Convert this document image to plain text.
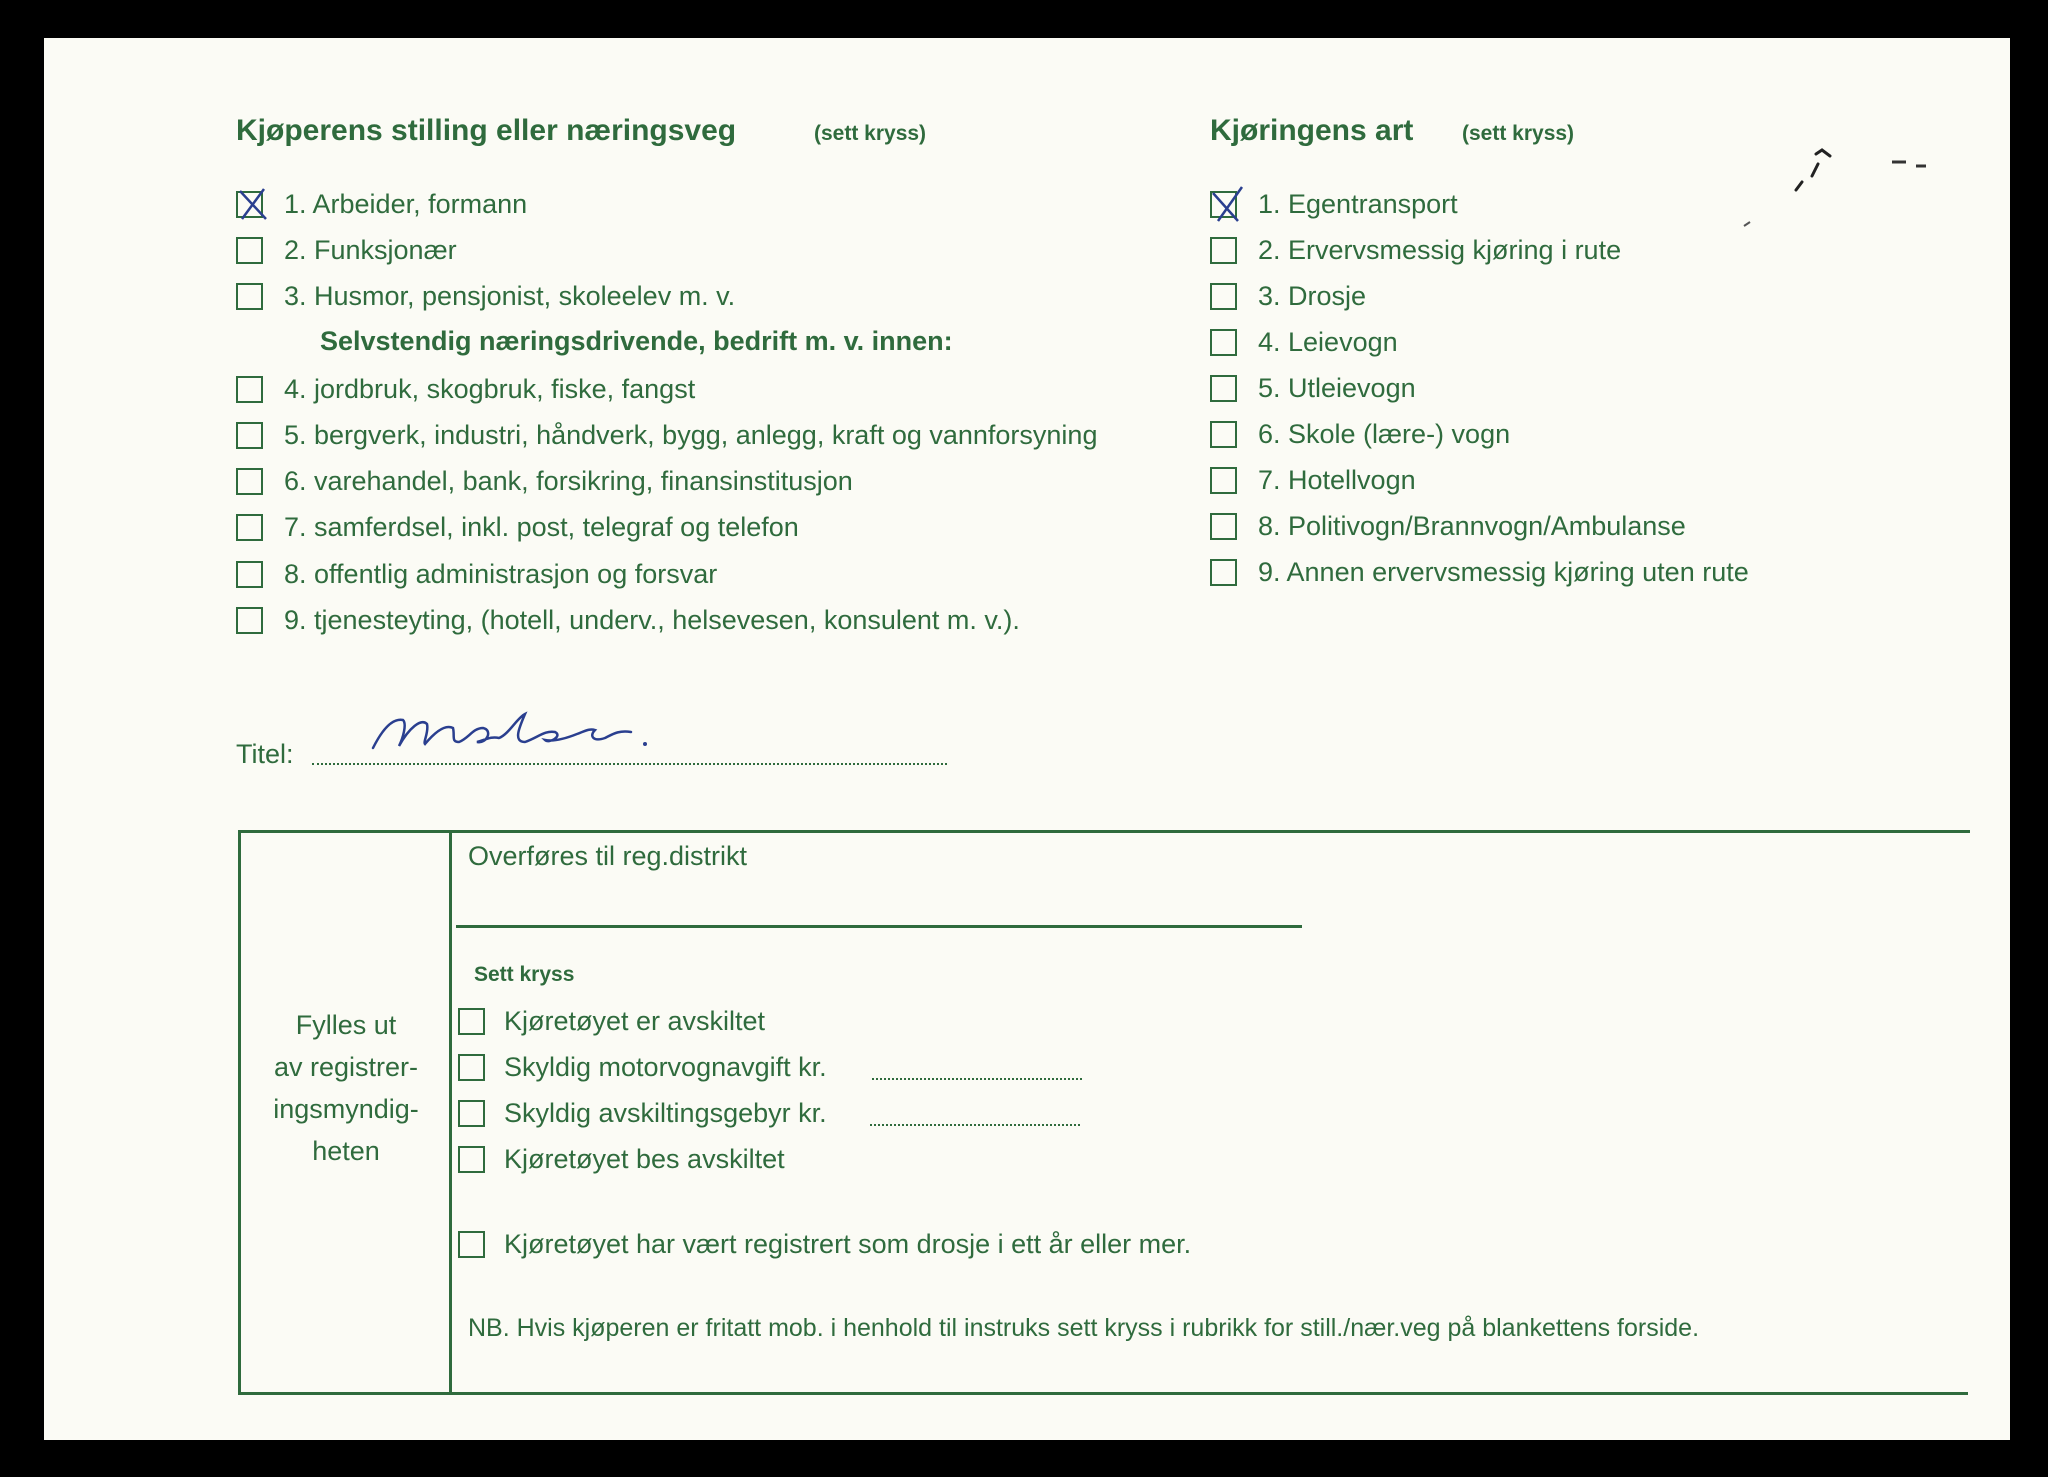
Kjøperens stilling eller næringsveg	(sett kryss)	Kjøringens art (sett kryss)
1. Arbeider, formann
2. Funksjonær
3. Husmor, pensjonist, skoleelev m. v.
Selvstendig næringsdrivende, bedrift m. v. innen:
4. jordbruk, skogbruk, fiske, fangst
5. bergverk, industri, håndverk, bygg, anlegg, kraft og vannforsyning
6. varehandel, bank, forsikring, finansinstitusjon
7. samferdsel, inkl. post, telegraf og telefon
8. offentlig administrasjon og forsvar
9. tjenesteyting, (hotell, underv., helsevesen, konsulent m. v.).
1. Egentransport
2. Ervervsmessig kjøring i rute
3. Drosje
4. Leievogn
5. Utleievogn
6. Skole (lære-) vogn
7. Hotellvogn
8. Politivogn/Brannvogn/Ambulanse
9. Annen ervervsmessig kjøring uten rute
Titel:
Fylles ut
av registrer-
ingsmyndig-
heten
Overføres til reg.distrikt
Sett kryss
Kjøretøyet er avskiltet
Skyldig motorvognavgift kr.
Skyldig avskiltingsgebyr kr.
Kjøretøyet bes avskiltet
Kjøretøyet har vært registrert som drosje i ett år eller mer.
NB. Hvis kjøperen er fritatt mob. i henhold til instruks sett kryss i rubrikk for still./nær.veg på blankettens forside.
